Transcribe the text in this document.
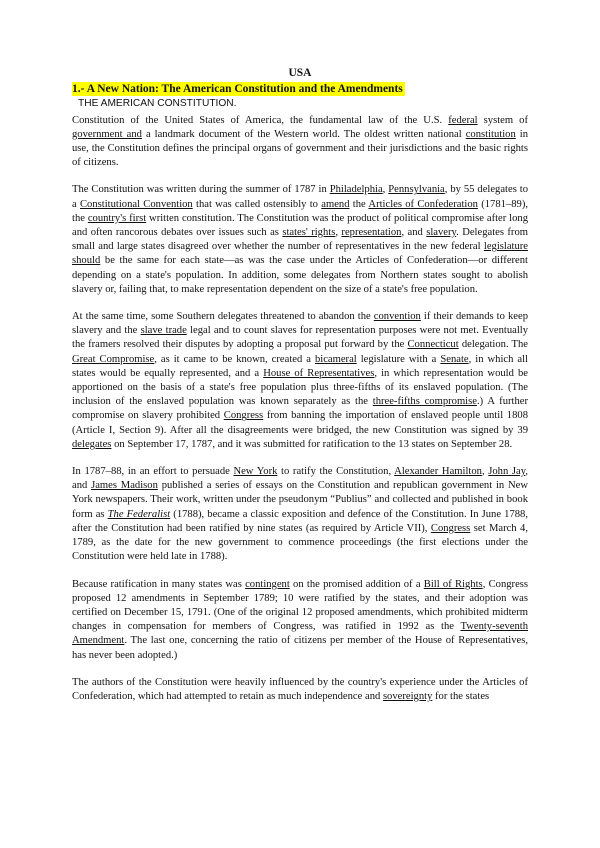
USA
1.- A New Nation: The American Constitution and the Amendments
THE AMERICAN CONSTITUTION.

Constitution of the United States of America, the fundamental law of the U.S. federal system of government and a landmark document of the Western world. The oldest written national constitution in use, the Constitution defines the principal organs of government and their jurisdictions and the basic rights of citizens.

The Constitution was written during the summer of 1787 in Philadelphia, Pennsylvania, by 55 delegates to a Constitutional Convention that was called ostensibly to amend the Articles of Confederation (1781–89), the country's first written constitution. The Constitution was the product of political compromise after long and often rancorous debates over issues such as states' rights, representation, and slavery. Delegates from small and large states disagreed over whether the number of representatives in the new federal legislature should be the same for each state—as was the case under the Articles of Confederation—or different depending on a state's population. In addition, some delegates from Northern states sought to abolish slavery or, failing that, to make representation dependent on the size of a state's free population.

At the same time, some Southern delegates threatened to abandon the convention if their demands to keep slavery and the slave trade legal and to count slaves for representation purposes were not met. Eventually the framers resolved their disputes by adopting a proposal put forward by the Connecticut delegation. The Great Compromise, as it came to be known, created a bicameral legislature with a Senate, in which all states would be equally represented, and a House of Representatives, in which representation would be apportioned on the basis of a state's free population plus three-fifths of its enslaved population. (The inclusion of the enslaved population was known separately as the three-fifths compromise.) A further compromise on slavery prohibited Congress from banning the importation of enslaved people until 1808 (Article I, Section 9). After all the disagreements were bridged, the new Constitution was signed by 39 delegates on September 17, 1787, and it was submitted for ratification to the 13 states on September 28.

In 1787–88, in an effort to persuade New York to ratify the Constitution, Alexander Hamilton, John Jay, and James Madison published a series of essays on the Constitution and republican government in New York newspapers. Their work, written under the pseudonym “Publius” and collected and published in book form as The Federalist (1788), became a classic exposition and defence of the Constitution. In June 1788, after the Constitution had been ratified by nine states (as required by Article VII), Congress set March 4, 1789, as the date for the new government to commence proceedings (the first elections under the Constitution were held late in 1788).

Because ratification in many states was contingent on the promised addition of a Bill of Rights, Congress proposed 12 amendments in September 1789; 10 were ratified by the states, and their adoption was certified on December 15, 1791. (One of the original 12 proposed amendments, which prohibited midterm changes in compensation for members of Congress, was ratified in 1992 as the Twenty-seventh Amendment. The last one, concerning the ratio of citizens per member of the House of Representatives, has never been adopted.)

The authors of the Constitution were heavily influenced by the country's experience under the Articles of Confederation, which had attempted to retain as much independence and sovereignty for the states
